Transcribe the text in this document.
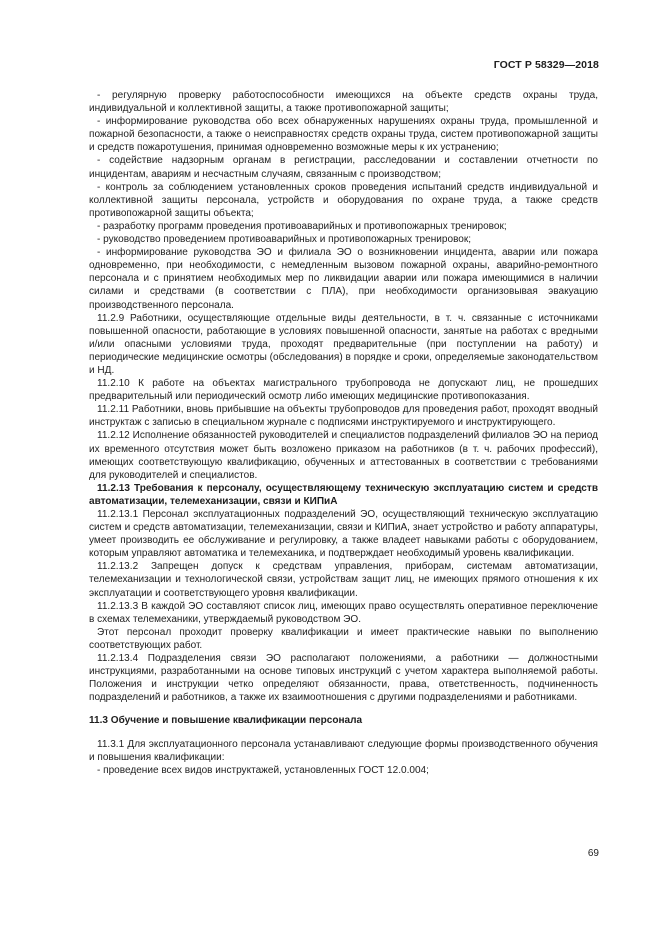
ГОСТ Р 58329—2018

- регулярную проверку работоспособности имеющихся на объекте средств охраны труда, индивидуальной и коллективной защиты, а также противопожарной защиты;

- информирование руководства обо всех обнаруженных нарушениях охраны труда, промышленной и пожарной безопасности, а также о неисправностях средств охраны труда, систем противопожарной защиты и средств пожаротушения, принимая одновременно возможные меры к их устранению;

- содействие надзорным органам в регистрации, расследовании и составлении отчетности по инцидентам, авариям и несчастным случаям, связанным с производством;

- контроль за соблюдением установленных сроков проведения испытаний средств индивидуальной и коллективной защиты персонала, устройств и оборудования по охране труда, а также средств противопожарной защиты объекта;

- разработку программ проведения противоаварийных и противопожарных тренировок;

- руководство проведением противоаварийных и противопожарных тренировок;

- информирование руководства ЭО и филиала ЭО о возникновении инцидента, аварии или пожара одновременно, при необходимости, с немедленным вызовом пожарной охраны, аварийно-ремонтного персонала и с принятием необходимых мер по ликвидации аварии или пожара имеющимися в наличии силами и средствами (в соответствии с ПЛА), при необходимости организовывая эвакуацию производственного персонала.

11.2.9 Работники, осуществляющие отдельные виды деятельности, в т. ч. связанные с источниками повышенной опасности, работающие в условиях повышенной опасности, занятые на работах с вредными и/или опасными условиями труда, проходят предварительные (при поступлении на работу) и периодические медицинские осмотры (обследования) в порядке и сроки, определяемые законодательством и НД.

11.2.10 К работе на объектах магистрального трубопровода не допускают лиц, не прошедших предварительный или периодический осмотр либо имеющих медицинские противопоказания.

11.2.11 Работники, вновь прибывшие на объекты трубопроводов для проведения работ, проходят вводный инструктаж с записью в специальном журнале с подписями инструктируемого и инструктирующего.

11.2.12 Исполнение обязанностей руководителей и специалистов подразделений филиалов ЭО на период их временного отсутствия может быть возложено приказом на работников (в т. ч. рабочих профессий), имеющих соответствующую квалификацию, обученных и аттестованных в соответствии с требованиями для руководителей и специалистов.

11.2.13 Требования к персоналу, осуществляющему техническую эксплуатацию систем и средств автоматизации, телемеханизации, связи и КИПиА

11.2.13.1 Персонал эксплуатационных подразделений ЭО, осуществляющий техническую эксплуатацию систем и средств автоматизации, телемеханизации, связи и КИПиА, знает устройство и работу аппаратуры, умеет производить ее обслуживание и регулировку, а также владеет навыками работы с оборудованием, которым управляют автоматика и телемеханика, и подтверждает необходимый уровень квалификации.

11.2.13.2 Запрещен допуск к средствам управления, приборам, системам автоматизации, телемеханизации и технологической связи, устройствам защит лиц, не имеющих прямого отношения к их эксплуатации и соответствующего уровня квалификации.

11.2.13.3 В каждой ЭО составляют список лиц, имеющих право осуществлять оперативное переключение в схемах телемеханики, утверждаемый руководством ЭО.

Этот персонал проходит проверку квалификации и имеет практические навыки по выполнению соответствующих работ.

11.2.13.4 Подразделения связи ЭО располагают положениями, а работники — должностными инструкциями, разработанными на основе типовых инструкций с учетом характера выполняемой работы. Положения и инструкции четко определяют обязанности, права, ответственность, подчиненность подразделений и работников, а также их взаимоотношения с другими подразделениями и работниками.

11.3 Обучение и повышение квалификации персонала

11.3.1 Для эксплуатационного персонала устанавливают следующие формы производственного обучения и повышения квалификации:

- проведение всех видов инструктажей, установленных ГОСТ 12.0.004;

69
